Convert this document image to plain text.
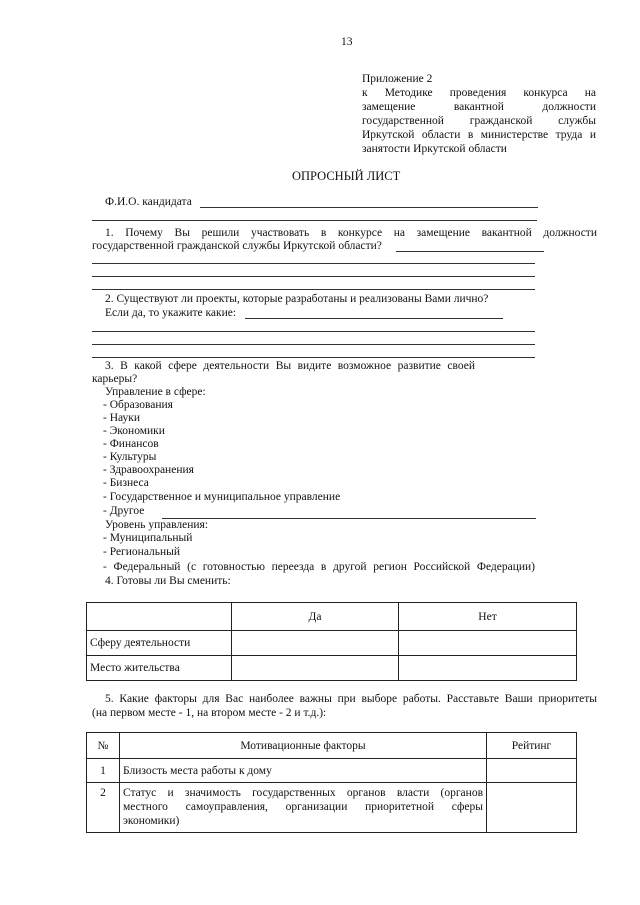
13
Приложение 2
к Методике проведения конкурса на
замещение вакантной должности
государственной гражданской службы
Иркутской области в министерстве труда и
занятости Иркутской области
ОПРОСНЫЙ ЛИСТ
Ф.И.О. кандидата
1. Почему Вы решили участвовать в конкурсе на замещение вакантной должности
государственной гражданской службы Иркутской области?
2. Существуют ли проекты, которые разработаны и реализованы Вами лично?
Если да, то укажите какие:
3. В какой сфере деятельности Вы видите возможное развитие своей
карьеры?
Управление в сфере:
- Образования
- Науки
- Экономики
- Финансов
- Культуры
- Здравоохранения
- Бизнеса
- Государственное и муниципальное управление
- Другое
Уровень управления:
- Муниципальный
- Региональный
- Федеральный (с готовностью переезда в другой регион Российской Федерации)
4. Готовы ли Вы сменить:
	Да	Нет
Сферу деятельности		
Место жительства		
5. Какие факторы для Вас наиболее важны при выборе работы. Расставьте Ваши приоритеты
(на первом месте - 1, на втором месте - 2 и т.д.):
№	Мотивационные факторы	Рейтинг
1	Близость места работы к дому	
2	Статус и значимость государственных органов власти (органов
местного самоуправления, организации приоритетной сферы
экономики)	
